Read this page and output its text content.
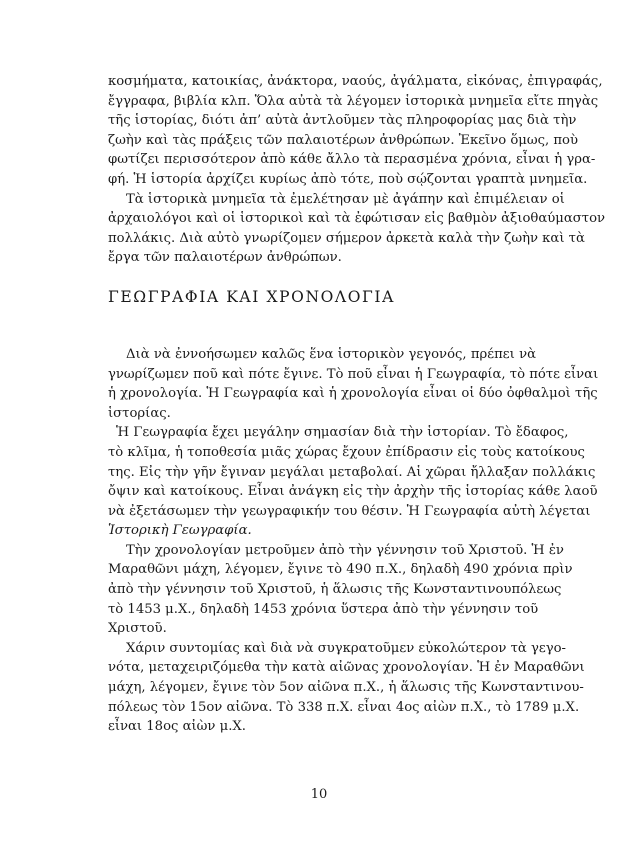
κοσμήματα, κατοικίας, ἀνάκτορα, ναούς, ἀγάλματα, εἰκόνας, ἐπιγραφάς,
ἔγγραφα, βιβλία κλπ. Ὅλα αὐτὰ τὰ λέγομεν ἱστορικὰ μνημεῖα εἴτε πηγὰς
τῆς ἱστορίας, διότι ἀπ’ αὐτὰ ἀντλοῦμεν τὰς πληροφορίας μας διὰ τὴν
ζωὴν καὶ τὰς πράξεις τῶν παλαιοτέρων ἀνθρώπων. Ἐκεῖνο ὅμως, ποὺ
φωτίζει περισσότερον ἀπὸ κάθε ἄλλο τὰ περασμένα χρόνια, εἶναι ἡ γρα-
φή. Ἡ ἱστορία ἀρχίζει κυρίως ἀπὸ τότε, ποὺ σῴζονται γραπτὰ μνημεῖα.
Τὰ ἱστορικὰ μνημεῖα τὰ ἐμελέτησαν μὲ ἀγάπην καὶ ἐπιμέλειαν οἱ
ἀρχαιολόγοι καὶ οἱ ἱστορικοὶ καὶ τὰ ἐφώτισαν εἰς βαθμὸν ἀξιοθαύμαστον
πολλάκις. Διὰ αὐτὸ γνωρίζομεν σήμερον ἀρκετὰ καλὰ τὴν ζωὴν καὶ τὰ
ἔργα τῶν παλαιοτέρων ἀνθρώπων.
ΓΕΩΓΡΑΦΙΑ ΚΑΙ ΧΡΟΝΟΛΟΓΙΑ
Διὰ νὰ ἐννοήσωμεν καλῶς ἕνα ἱστορικὸν γεγονός, πρέπει νὰ
γνωρίζωμεν ποῦ καὶ πότε ἔγινε. Τὸ ποῦ εἶναι ἡ Γεωγραφία, τὸ πότε εἶναι
ἡ χρονολογία. Ἡ Γεωγραφία καὶ ἡ χρονολογία εἶναι οἱ δύο ὀφθαλμοὶ τῆς
ἱστορίας.
Ἡ Γεωγραφία ἔχει μεγάλην σημασίαν διὰ τὴν ἱστορίαν. Τὸ ἔδαφος,
τὸ κλῖμα, ἡ τοποθεσία μιᾶς χώρας ἔχουν ἐπίδρασιν εἰς τοὺς κατοίκους
της. Εἰς τὴν γῆν ἔγιναν μεγάλαι μεταβολαί. Αἱ χῶραι ἤλλαξαν πολλάκις
ὄψιν καὶ κατοίκους. Εἶναι ἀνάγκη εἰς τὴν ἀρχὴν τῆς ἱστορίας κάθε λαοῦ
νὰ ἐξετάσωμεν τὴν γεωγραφικήν του θέσιν. Ἡ Γεωγραφία αὐτὴ λέγεται
Ἱστορικὴ Γεωγραφία.
Τὴν χρονολογίαν μετροῦμεν ἀπὸ τὴν γέννησιν τοῦ Χριστοῦ. Ἡ ἐν
Μαραθῶνι μάχη, λέγομεν, ἔγινε τὸ 490 π.Χ., δηλαδὴ 490 χρόνια πρὶν
ἀπὸ τὴν γέννησιν τοῦ Χριστοῦ, ἡ ἅλωσις τῆς Κωνσταντινουπόλεως
τὸ 1453 μ.Χ., δηλαδὴ 1453 χρόνια ὕστερα ἀπὸ τὴν γέννησιν τοῦ
Χριστοῦ.
Χάριν συντομίας καὶ διὰ νὰ συγκρατοῦμεν εὐκολώτερον τὰ γεγο-
νότα, μεταχειριζόμεθα τὴν κατὰ αἰῶνας χρονολογίαν. Ἡ ἐν Μαραθῶνι
μάχη, λέγομεν, ἔγινε τὸν 5ον αἰῶνα π.Χ., ἡ ἅλωσις τῆς Κωνσταντινου-
πόλεως τὸν 15ον αἰῶνα. Τὸ 338 π.Χ. εἶναι 4ος αἰὼν π.Χ., τὸ 1789 μ.Χ.
εἶναι 18ος αἰὼν μ.Χ.
10
